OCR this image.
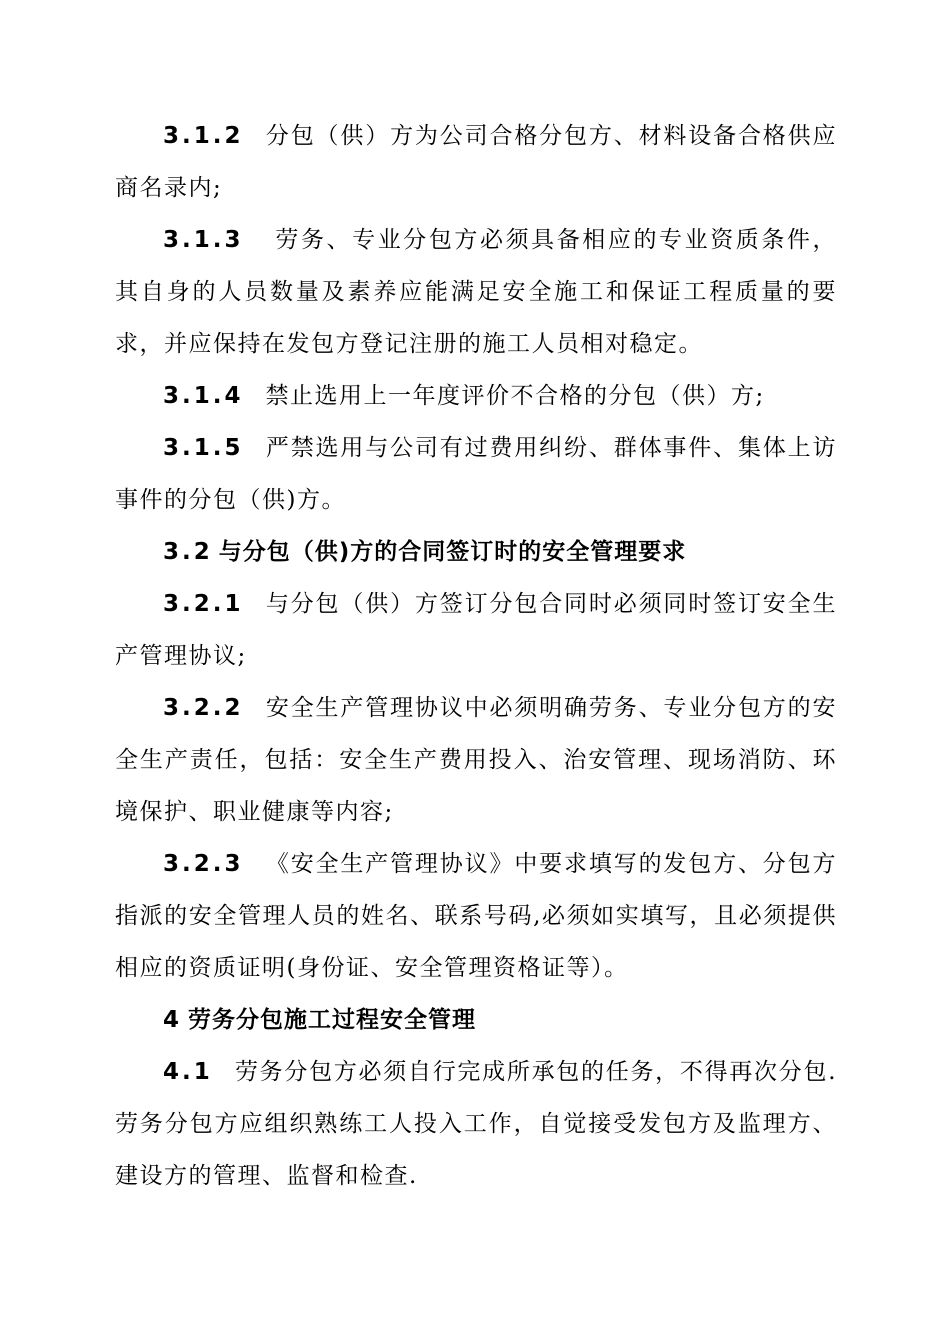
3.1.2 分包（供）方为公司合格分包方、材料设备合格供应商名录内;

3.1.3 劳务、专业分包方必须具备相应的专业资质条件，其自身的人员数量及素养应能满足安全施工和保证工程质量的要求，并应保持在发包方登记注册的施工人员相对稳定。

3.1.4 禁止选用上一年度评价不合格的分包（供）方;

3.1.5 严禁选用与公司有过费用纠纷、群体事件、集体上访事件的分包（供)方。

3.2 与分包（供)方的合同签订时的安全管理要求

3.2.1 与分包（供）方签订分包合同时必须同时签订安全生产管理协议;

3.2.2 安全生产管理协议中必须明确劳务、专业分包方的安全生产责任，包括：安全生产费用投入、治安管理、现场消防、环境保护、职业健康等内容;

3.2.3 《安全生产管理协议》中要求填写的发包方、分包方指派的安全管理人员的姓名、联系号码,必须如实填写，且必须提供相应的资质证明(身份证、安全管理资格证等）。

4 劳务分包施工过程安全管理

4.1 劳务分包方必须自行完成所承包的任务，不得再次分包.劳务分包方应组织熟练工人投入工作，自觉接受发包方及监理方、建设方的管理、监督和检查.
